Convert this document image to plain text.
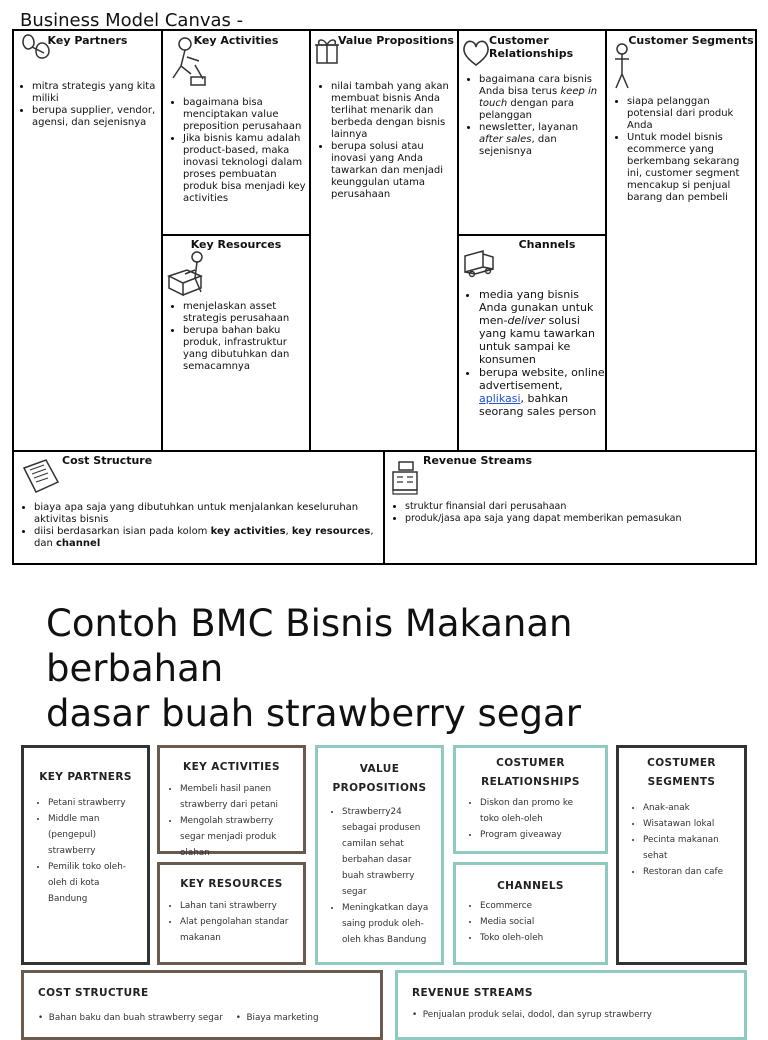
Business Model Canvas -
Key Partners
• mitra strategis yang kita miliki
• berupa supplier, vendor, agensi, dan sejenisnya
Key Activities
• bagaimana bisa menciptakan value preposition perusahaan
• Jika bisnis kamu adalah product-based, maka inovasi teknologi dalam proses pembuatan produk bisa menjadi key activities
Key Resources
• menjelaskan asset strategis perusahaan
• berupa bahan baku produk, infrastruktur yang dibutuhkan dan semacamnya
Value Propositions
• nilai tambah yang akan membuat bisnis Anda terlihat menarik dan berbeda dengan bisnis lainnya
• berupa solusi atau inovasi yang Anda tawarkan dan menjadi keunggulan utama perusahaan
Customer
Relationships
• bagaimana cara bisnis Anda bisa terus keep in touch dengan para pelanggan
• newsletter, layanan after sales, dan sejenisnya
Channels
• media yang bisnis Anda gunakan untuk men-deliver solusi yang kamu tawarkan untuk sampai ke konsumen
• berupa website, online advertisement, aplikasi, bahkan seorang sales person
Customer Segments
• siapa pelanggan potensial dari produk Anda
• Untuk model bisnis ecommerce yang berkembang sekarang ini, customer segment mencakup si penjual barang dan pembeli
Cost Structure
• biaya apa saja yang dibutuhkan untuk menjalankan keseluruhan aktivitas bisnis
• diisi berdasarkan isian pada kolom key activities, key resources, dan channel
Revenue Streams
• struktur finansial dari perusahaan
• produk/jasa apa saja yang dapat memberikan pemasukan
Contoh BMC Bisnis Makanan berbahan
dasar buah strawberry segar
KEY PARTNERS
• Petani strawberry
• Middle man (pengepul) strawberry
• Pemilik toko oleh-oleh di kota Bandung
KEY ACTIVITIES
• Membeli hasil panen strawberry dari petani
• Mengolah strawberry segar menjadi produk olahan
KEY RESOURCES
• Lahan tani strawberry
• Alat pengolahan standar makanan
VALUE
PROPOSITIONS
• Strawberry24 sebagai produsen camilan sehat berbahan dasar buah strawberry segar
• Meningkatkan daya saing produk oleh-oleh khas Bandung
COSTUMER
RELATIONSHIPS
• Diskon dan promo ke toko oleh-oleh
• Program giveaway
CHANNELS
• Ecommerce
• Media social
• Toko oleh-oleh
COSTUMER
SEGMENTS
• Anak-anak
• Wisatawan lokal
• Pecinta makanan sehat
• Restoran dan cafe
COST STRUCTURE
•  Bahan baku dan buah strawberry segar •  Biaya marketing
REVENUE STREAMS
•  Penjualan produk selai, dodol, dan syrup strawberry
